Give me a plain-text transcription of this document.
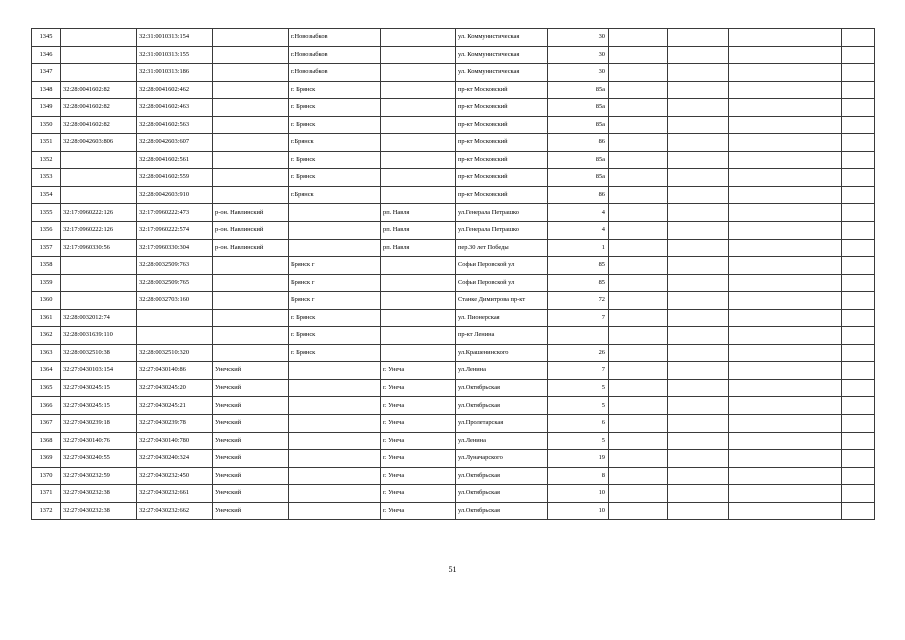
1345		32:31:0010313:154		г.Новозыбков		ул. Коммунистическая	30				
1346		32:31:0010313:155		г.Новозыбков		ул. Коммунистическая	30				
1347		32:31:0010313:186		г.Новозыбков		ул. Коммунистическая	30				
1348	32:28:0041602:82	32:28:0041602:462		г. Брянск		пр-кт Московский	85а				
1349	32:28:0041602:82	32:28:0041602:463		г. Брянск		пр-кт Московский	85а				
1350	32:28:0041602:82	32:28:0041602:563		г. Брянск		пр-кт Московский	85а				
1351	32:28:0042603:806	32:28:0042603:607		г.Брянск		пр-кт Московский	86				
1352		32:28:0041602:561		г. Брянск		пр-кт Московский	85а				
1353		32:28:0041602:559		г. Брянск		пр-кт Московский	85а				
1354		32:28:0042603:910		г.Брянск		пр-кт Московский	86				
1355	32:17:0960222:126	32:17:0960222:473	р-он. Навлинский		рп. Навля	ул.Генерала Петрашко	4				
1356	32:17:0960222:126	32:17:0960222:574	р-он. Навлинский		рп. Навля	ул.Генерала Петрашко	4				
1357	32:17:0960330:56	32:17:0960330:304	р-он. Навлинский		рп. Навля	пер.30 лет Победы	1				
1358		32:28:0032509:763		Брянск г		Софьи Перовской ул	85				
1359		32:28:0032509:765		Брянск г		Софьи Перовской ул	85				
1360		32:28:0032703:160		Брянск г		Станке Димитрова пр-кт	72				
1361	32:28:0032012:74			г. Брянск		ул. Пионерская	7				
1362	32:28:0031639:110			г. Брянск		пр-кт Ленина					
1363	32:28:0032510:38	32:28:0032510:320		г. Брянск		ул.Крашенинского	26				
1364	32:27:0430103:154	32:27:0430140:86	Унечский		г. Унеча	ул.Ленина	7				
1365	32:27:0430245:15	32:27:0430245:20	Унечский		г. Унеча	ул.Октябрьская	5				
1366	32:27:0430245:15	32:27:0430245:21	Унечский		г. Унеча	ул.Октябрьская	5				
1367	32:27:0430239:18	32:27:0430239:78	Унечский		г. Унеча	ул.Пролетарская	6				
1368	32:27:0430140:76	32:27:0430140:780	Унечский		г. Унеча	ул.Ленина	5				
1369	32:27:0430240:55	32:27:0430240:324	Унечский		г. Унеча	ул.Луначарского	19				
1370	32:27:0430232:59	32:27:0430232:450	Унечский		г. Унеча	ул.Октябрьская	8				
1371	32:27:0430232:38	32:27:0430232:661	Унечский		г. Унеча	ул.Октябрьская	10				
1372	32:27:0430232:38	32:27:0430232:662	Унечский		г. Унеча	ул.Октябрьская	10				
51
